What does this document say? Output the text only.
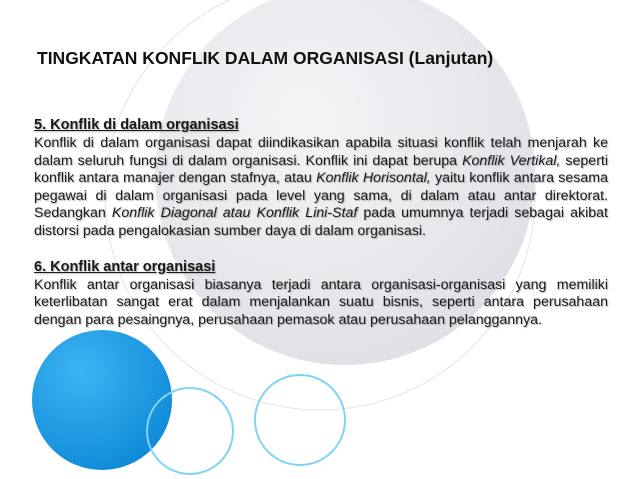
TINGKATAN KONFLIK DALAM ORGANISASI (Lanjutan)
5. Konflik di dalam organisasi

Konflik di dalam organisasi dapat diindikasikan apabila situasi konflik telah menjarah ke dalam seluruh fungsi di dalam organisasi. Konflik ini dapat berupa Konflik Vertikal, seperti konflik antara manajer dengan stafnya, atau Konflik Horisontal, yaitu konflik antara sesama pegawai di dalam organisasi pada level yang sama, di dalam atau antar direktorat. Sedangkan Konflik Diagonal atau Konflik Lini-Staf pada umumnya terjadi sebagai akibat distorsi pada pengalokasian sumber daya di dalam organisasi.

6. Konflik antar organisasi

Konflik antar organisasi biasanya terjadi antara organisasi-organisasi yang memiliki keterlibatan sangat erat dalam menjalankan suatu bisnis, seperti antara perusahaan dengan para pesaingnya, perusahaan pemasok atau perusahaan pelanggannya.
